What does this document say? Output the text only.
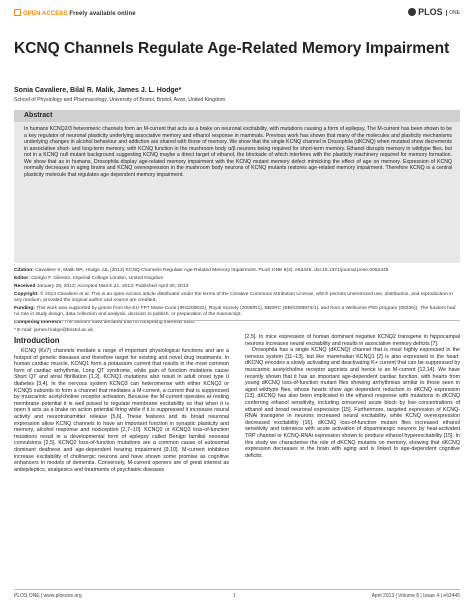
OPEN ACCESS Freely available online	PLOS ONE
KCNQ Channels Regulate Age-Related Memory Impairment
Sonia Cavaliere, Bilal R. Malik, James J. L. Hodge*
School of Physiology and Pharmacology, University of Bristol, Bristol, Avon, United Kingdom
Abstract

In humans KCNQ2/3 heteromeric channels form an M-current that acts as a brake on neuronal excitability, with mutations causing a form of epilepsy. The M-current has been shown to be a key regulator of neuronal plasticity underlying associative memory and ethanol response in mammals. Previous work has shown that many of the molecules and plasticity mechanisms underlying changes in alcohol behaviour and addiction are shared with those of memory. We show that the single KCNQ channel in Drosophila (dKCNQ) when mutated show decrements in associative short- and long-term memory, with KCNQ function in the mushroom body α/β neurons being required for short-term memory. Ethanol disrupts memory in wildtype flies, but not in a KCNQ null mutant background suggesting KCNQ maybe a direct target of ethanol, the blockade of which interferes with the plasticity machinery required for memory formation. We show that as in humans, Drosophila display age-related memory impairment with the KCNQ mutant memory defect mimicking the effect of age on memory. Expression of KCNQ normally decreases in aging brains and KCNQ overexpression in the mushroom body neurons of KCNQ mutants restores age-related memory impairment. Therefore KCNQ is a central plasticity molecule that regulates age dependent memory impairment.

Citation: Cavaliere S, Malik BR, Hodge JJL (2013) KCNQ Channels Regulate Age-Related Memory Impairment. PLoS ONE 8(4): e62445. doi:10.1371/journal.pone.0062445

Editor: Giorgio F. Gilestro, Imperial College London, United Kingdom

Received January 25, 2013; Accepted March 21, 2013; Published April 30, 2013

Copyright: © 2013 Cavaliere et al. This is an open-access article distributed under the terms of the Creative Commons Attribution License, which permits unrestricted use, distribution, and reproduction in any medium, provided the original author and source are credited.

Funding: This work was supported by grants from the EU FP7 Marie-Curie (IRG200632), Royal Society (2008/R1), BBSRC (BB/G008973/1), and from a Wellcome PhD program (08336)). The funders had no role in study design, data collection and analysis, decision to publish, or preparation of the manuscript.

Competing Interests: The authors have declared that no competing interests exist.

* E-mail: james.hodge@bristol.ac.uk

Introduction

KCNQ (Kv7) channels mediate a range of important physiological functions and are a hotspot of genetic diseases and therefore target for existing and novel drug treatments. In human cardiac muscle, KCNQ1 form a potassium current that results in the most common form of cardiac arrhythmia, Long QT syndrome, while gain of function mutations cause Short QT and atrial fibrillation [1,2]. KCNQ1 mutations also result in adult onset type II diabetes [3,4]. In the nervous system KCNQ3 can heteromerise with either KCNQ2 or KCNQ5 subunits to form a channel that mediates a M-current, a current that is suppressed by muscarinic acetylcholine receptor activation. Because the M-current operates at resting membrane potential it is well poised to regulate membrane excitability so that when it is open it acts as a brake on action potential firing while if it is suppressed it increases neural activity and neurotransmitter release [5,6]. These features and its broad neuronal expression allow KCNQ channels to have an important function in synaptic plasticity and memory, alcohol response and nociception [2,7–10]. KCNQ2 or KCNQ3 loss-of-function mutations result in a developmental form of epilepsy called Benign familial neonatal convulsions [2,5]. KCNQ2 loss-of-function mutations are a common cause of autosomal dominant deafness and age-dependent hearing impairment [9,10]. M-current inhibitors increase excitability of cholinergic neurons and have shown some promise as cognitive enhancers in models of dementia. Conversely, M-current openers are of great interest as antiepileptics, analgesics and treatments of psychiatric diseases

[2,5]. In mice expression of human dominant negative KCNQ2 transgene in hippocampal neurons increases neural excitability and results in associative memory deficits [7].

Drosophila has a single KCNQ (dKCNQ) channel that is most highly expressed in the nervous system [11–13], but like mammalian KCNQ1 [2] is also expressed in the heart. dKCNQ encodes a slowly activating and deactivating K+ current that can be suppressed by muscarinic acetylcholine receptor agonists and hence is an M-current [12,14]. We have recently shown that it has an important age-dependent cardiac function, with hearts from young dKCNQ loss-of-function mutant flies showing arrhythmias similar to those seen in aged wildtype flies, whose hearts show age dependent reduction in dKCNQ expression [13]. dKCNQ has also been implicated in the ethanol response with mutations in dKCNQ conferring ethanol sensitivity, including conserved acute block by low concentrations of ethanol and broad neuronal expression [15]. Furthermore, targeted expression of KCNQ-RNAi transgene in neurons increased neural excitability, while KCNQ overexpression decreased excitability [16]. dKCNQ loss-of-function mutant flies increased ethanol sensitivity and tolerance with acute activation of dopaminergic neurons by heat-activated TRP channel or KCNQ-RNAi expression shown to produce ethanol hyperexcitability [15]. In this study we characterise the role of dKCNQ mutants on memory, showing that dKCNQ expression decreases in the brain with aging and is linked to age-dependent cognitive deficits.

PLOS ONE | www.plosone.org	1	April 2013 | Volume 8 | Issue 4 | e62445
